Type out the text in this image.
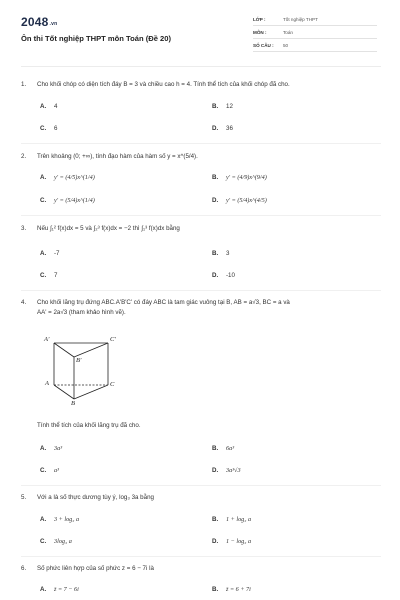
2048.vn
Ôn thi Tốt nghiệp THPT môn Toán (Đề 20)
LỚP :	Tốt nghiệp THPT
MÔN :	Toán
SỐ CÂU : 50
1. Cho khối chóp có diện tích đáy B = 3 và chiều cao h = 4. Tính thể tích của khối chóp đã cho.
A. 4	B. 12
C. 6	D. 36
2. Trên khoảng (0; +∞), tính đạo hàm của hàm số y = x^(5/4).
A. y' = (4/5)x^(1/4)	B. y' = (4/9)x^(9/4)
C. y' = (5/4)x^(1/4)	D. y' = (5/4)x^(4/5)
3. Nếu ∫₁² f(x)dx = 5 và ∫₂³ f(x)dx = −2 thì ∫₁³ f(x)dx bằng
A. -7	B. 3
C. 7	D. -10
4. Cho khối lăng trụ đứng ABC.A'B'C' có đáy ABC là tam giác vuông tại B, AB = a√3, BC = a và
AA' = 2a√3 (tham khảo hình vẽ).
A'
B'
C'
A
B
C
Tính thể tích của khối lăng trụ đã cho.
A. 3a³	B. 6a³
C. a³	D. 3a³√3
5. Với a là số thực dương tùy ý, log₃ 3a bằng
A. 3 + log₃ a	B. 1 + log₃ a
C. 3log₃ a	D. 1 − log₃ a
6. Số phức liên hợp của số phức z = 6 − 7i là
A. z̄ = 7 − 6i	B. z̄ = 6 + 7i
